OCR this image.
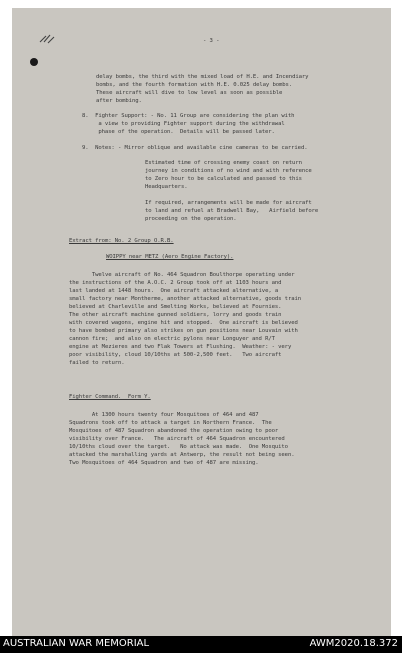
- 3 -
delay bombs, the third with the mixed load of H.E. and Incendiary
bombs, and the fourth formation with H.E. 0.025 delay bombs.
These aircraft will dive to low level as soon as possible
after bombing.
8.  Fighter Support: - No. 11 Group are considering the plan with
a view to providing Fighter support during the withdrawal
phase of the operation.  Details will be passed later.
9.  Notes: - Mirror oblique and available cine cameras to be carried.
Estimated time of crossing enemy coast on return
journey in conditions of no wind and with reference
to Zero hour to be calculated and passed to this
Headquarters.
If required, arrangements will be made for aircraft
to land and refuel at Bradwell Bay,   Airfield before
proceeding on the operation.
Extract from: No. 2 Group O.R.B.
WOIPPY near METZ (Aero Engine Factory).
Twelve aircraft of No. 464 Squadron Boulthorpe operating under
the instructions of the A.O.C. 2 Group took off at 1103 hours and
last landed at 1448 hours.  One aircraft attacked alternative, a
small factory near Montherme, another attacked alternative, goods train
believed at Charleville and Smelting Works, believed at Fournies.
The other aircraft machine gunned soldiers, lorry and goods train
with covered wagons, engine hit and stopped.  One aircraft is believed
to have bombed primary also strikes on gun positions near Louvain with
cannon fire;  and also on electric pylons near Longuyer and R/T
engine at Mezieres and two Flak Towers at Flushing.  Weather: - very
poor visibility, cloud 10/10ths at 500-2,500 feet.   Two aircraft
failed to return.
Fighter Command.  Form Y.
At 1300 hours twenty four Mosquitoes of 464 and 487
Squadrons took off to attack a target in Northern France.  The
Mosquitoes of 487 Squadron abandoned the operation owing to poor
visibility over France.   The aircraft of 464 Squadron encountered
10/10ths cloud over the target.   No attack was made.  One Mosquito
attacked the marshalling yards at Antwerp, the result not being seen.
Two Mosquitoes of 464 Squadron and two of 487 are missing.
AUSTRALIAN WAR MEMORIAL	AWM2020.18.372
